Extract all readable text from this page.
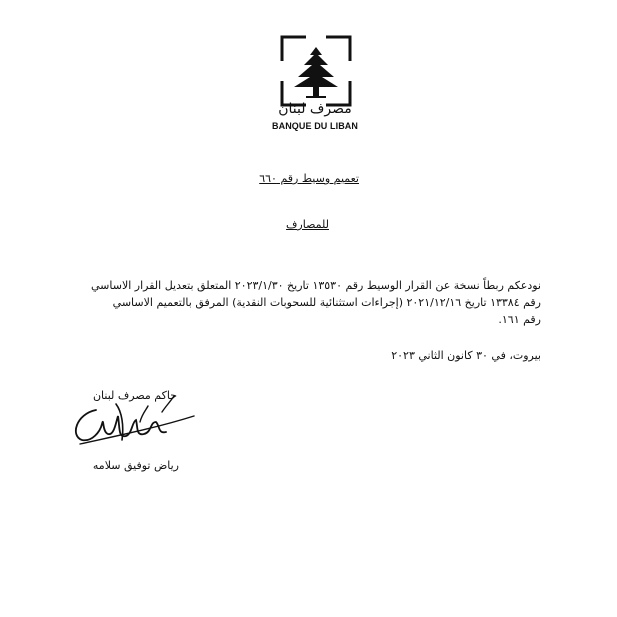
مصرف لبنان
BANQUE DU LIBAN
تعميم وسيط رقم ٦٦٠
للمصارف

نودعكم ربطاً نسخة عن القرار الوسيط رقم ١٣٥٣٠ تاريخ ٢٠٢٣/١/٣٠ المتعلق بتعديل القرار الاساسي

رقم ١٣٣٨٤ تاريخ ٢٠٢١/١٢/١٦ (إجراءات استثنائية للسحوبات النقدية) المرفق بالتعميم الاساسي

رقم ١٦١.

بيروت، في ٣٠ كانون الثاني ٢٠٢٣
حاكم مصرف لبنان
رياض توفيق سلامه
